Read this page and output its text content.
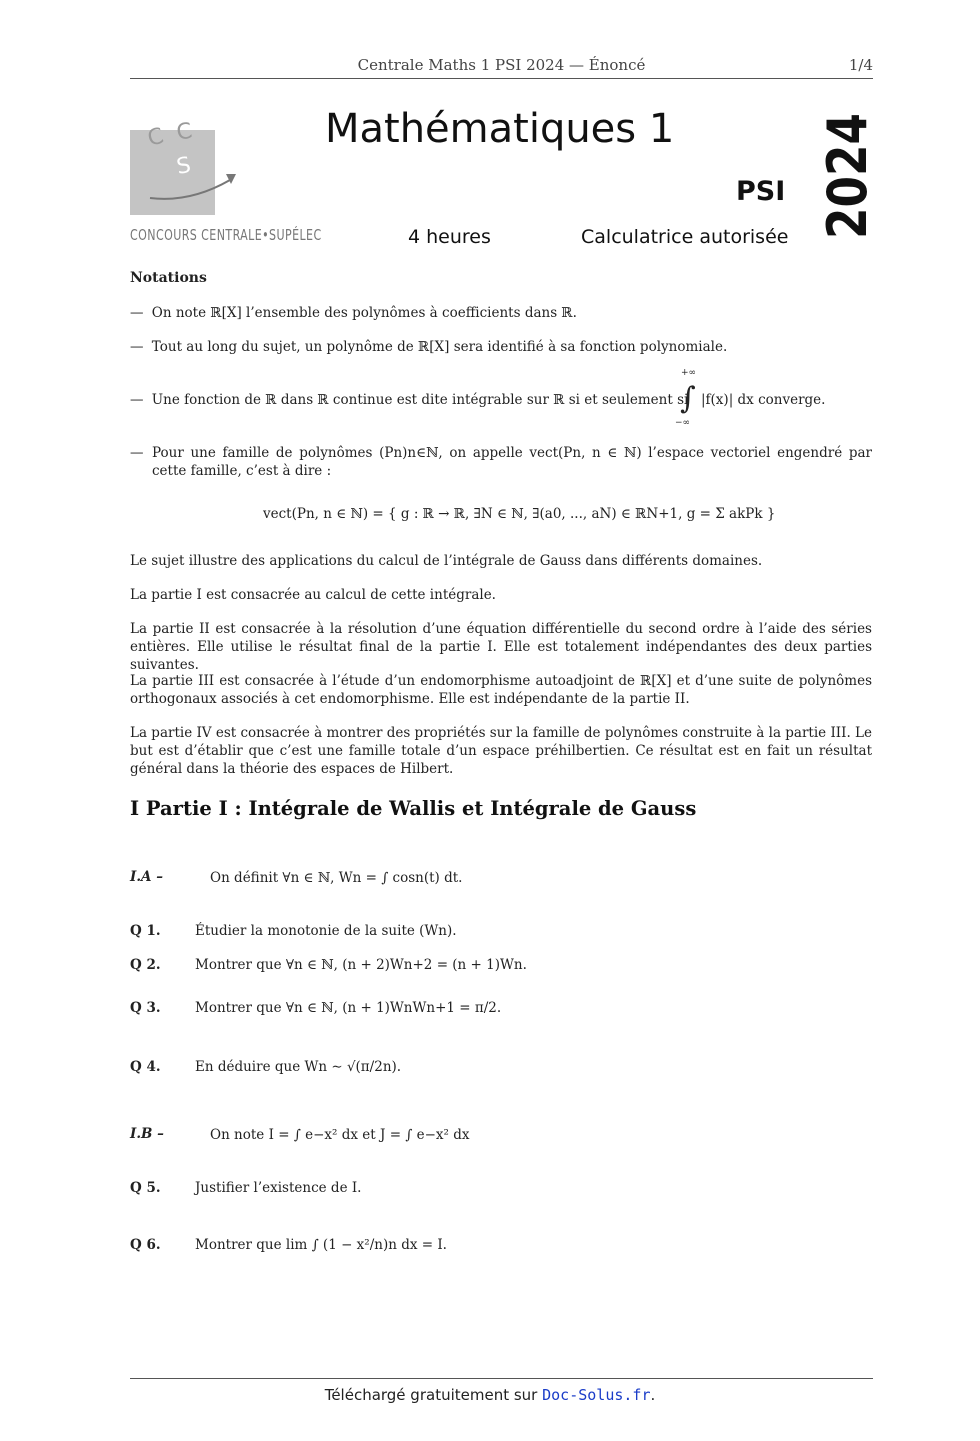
Centrale Maths 1 PSI 2024 — Énoncé	1/4
C C
S
CONCOURS CENTRALE•SUPÉLEC
Mathématiques 1
PSI 2024
4 heures	Calculatrice autorisée
Notations
— On note ℝ[X] l’ensemble des polynômes à coefficients dans ℝ.
— Tout au long du sujet, un polynôme de ℝ[X] sera identifié à sa fonction polynomiale.
— Une fonction de ℝ dans ℝ continue est dite intégrable sur ℝ si et seulement si
+∞
∫
−∞
|f(x)| dx converge.
— Pour une famille de polynômes (Pn)n∈ℕ, on appelle vect(Pn, n ∈ ℕ) l’espace vectoriel engendré par cette famille, c’est à dire :
vect(Pn, n ∈ ℕ) = { g : ℝ → ℝ, ∃N ∈ ℕ, ∃(a0, ..., aN) ∈ ℝN+1, g = Σ akPk }
Le sujet illustre des applications du calcul de l’intégrale de Gauss dans différents domaines.
La partie I est consacrée au calcul de cette intégrale.
La partie II est consacrée à la résolution d’une équation différentielle du second ordre à l’aide des séries entières. Elle utilise le résultat final de la partie I. Elle est totalement indépendantes des deux parties suivantes.
La partie III est consacrée à l’étude d’un endomorphisme autoadjoint de ℝ[X] et d’une suite de polynômes orthogonaux associés à cet endomorphisme. Elle est indépendante de la partie II.
La partie IV est consacrée à montrer des propriétés sur la famille de polynômes construite à la partie III. Le but est d’établir que c’est une famille totale d’un espace préhilbertien. Ce résultat est en fait un résultat général dans la théorie des espaces de Hilbert.
I Partie I : Intégrale de Wallis et Intégrale de Gauss
I.A –	On définit ∀n ∈ ℕ, Wn = ∫ cosn(t) dt.
Q 1.	Étudier la monotonie de la suite (Wn).
Q 2.	Montrer que ∀n ∈ ℕ, (n + 2)Wn+2 = (n + 1)Wn.
Q 3.	Montrer que ∀n ∈ ℕ, (n + 1)WnWn+1 = π/2.
Q 4.	En déduire que Wn ∼ √(π/2n).
I.B –	On note I = ∫ e−x² dx et J = ∫ e−x² dx
Q 5.	Justifier l’existence de I.
Q 6.	Montrer que lim ∫ (1 − x²/n)n dx = I.
Téléchargé gratuitement sur Doc-Solus.fr.
